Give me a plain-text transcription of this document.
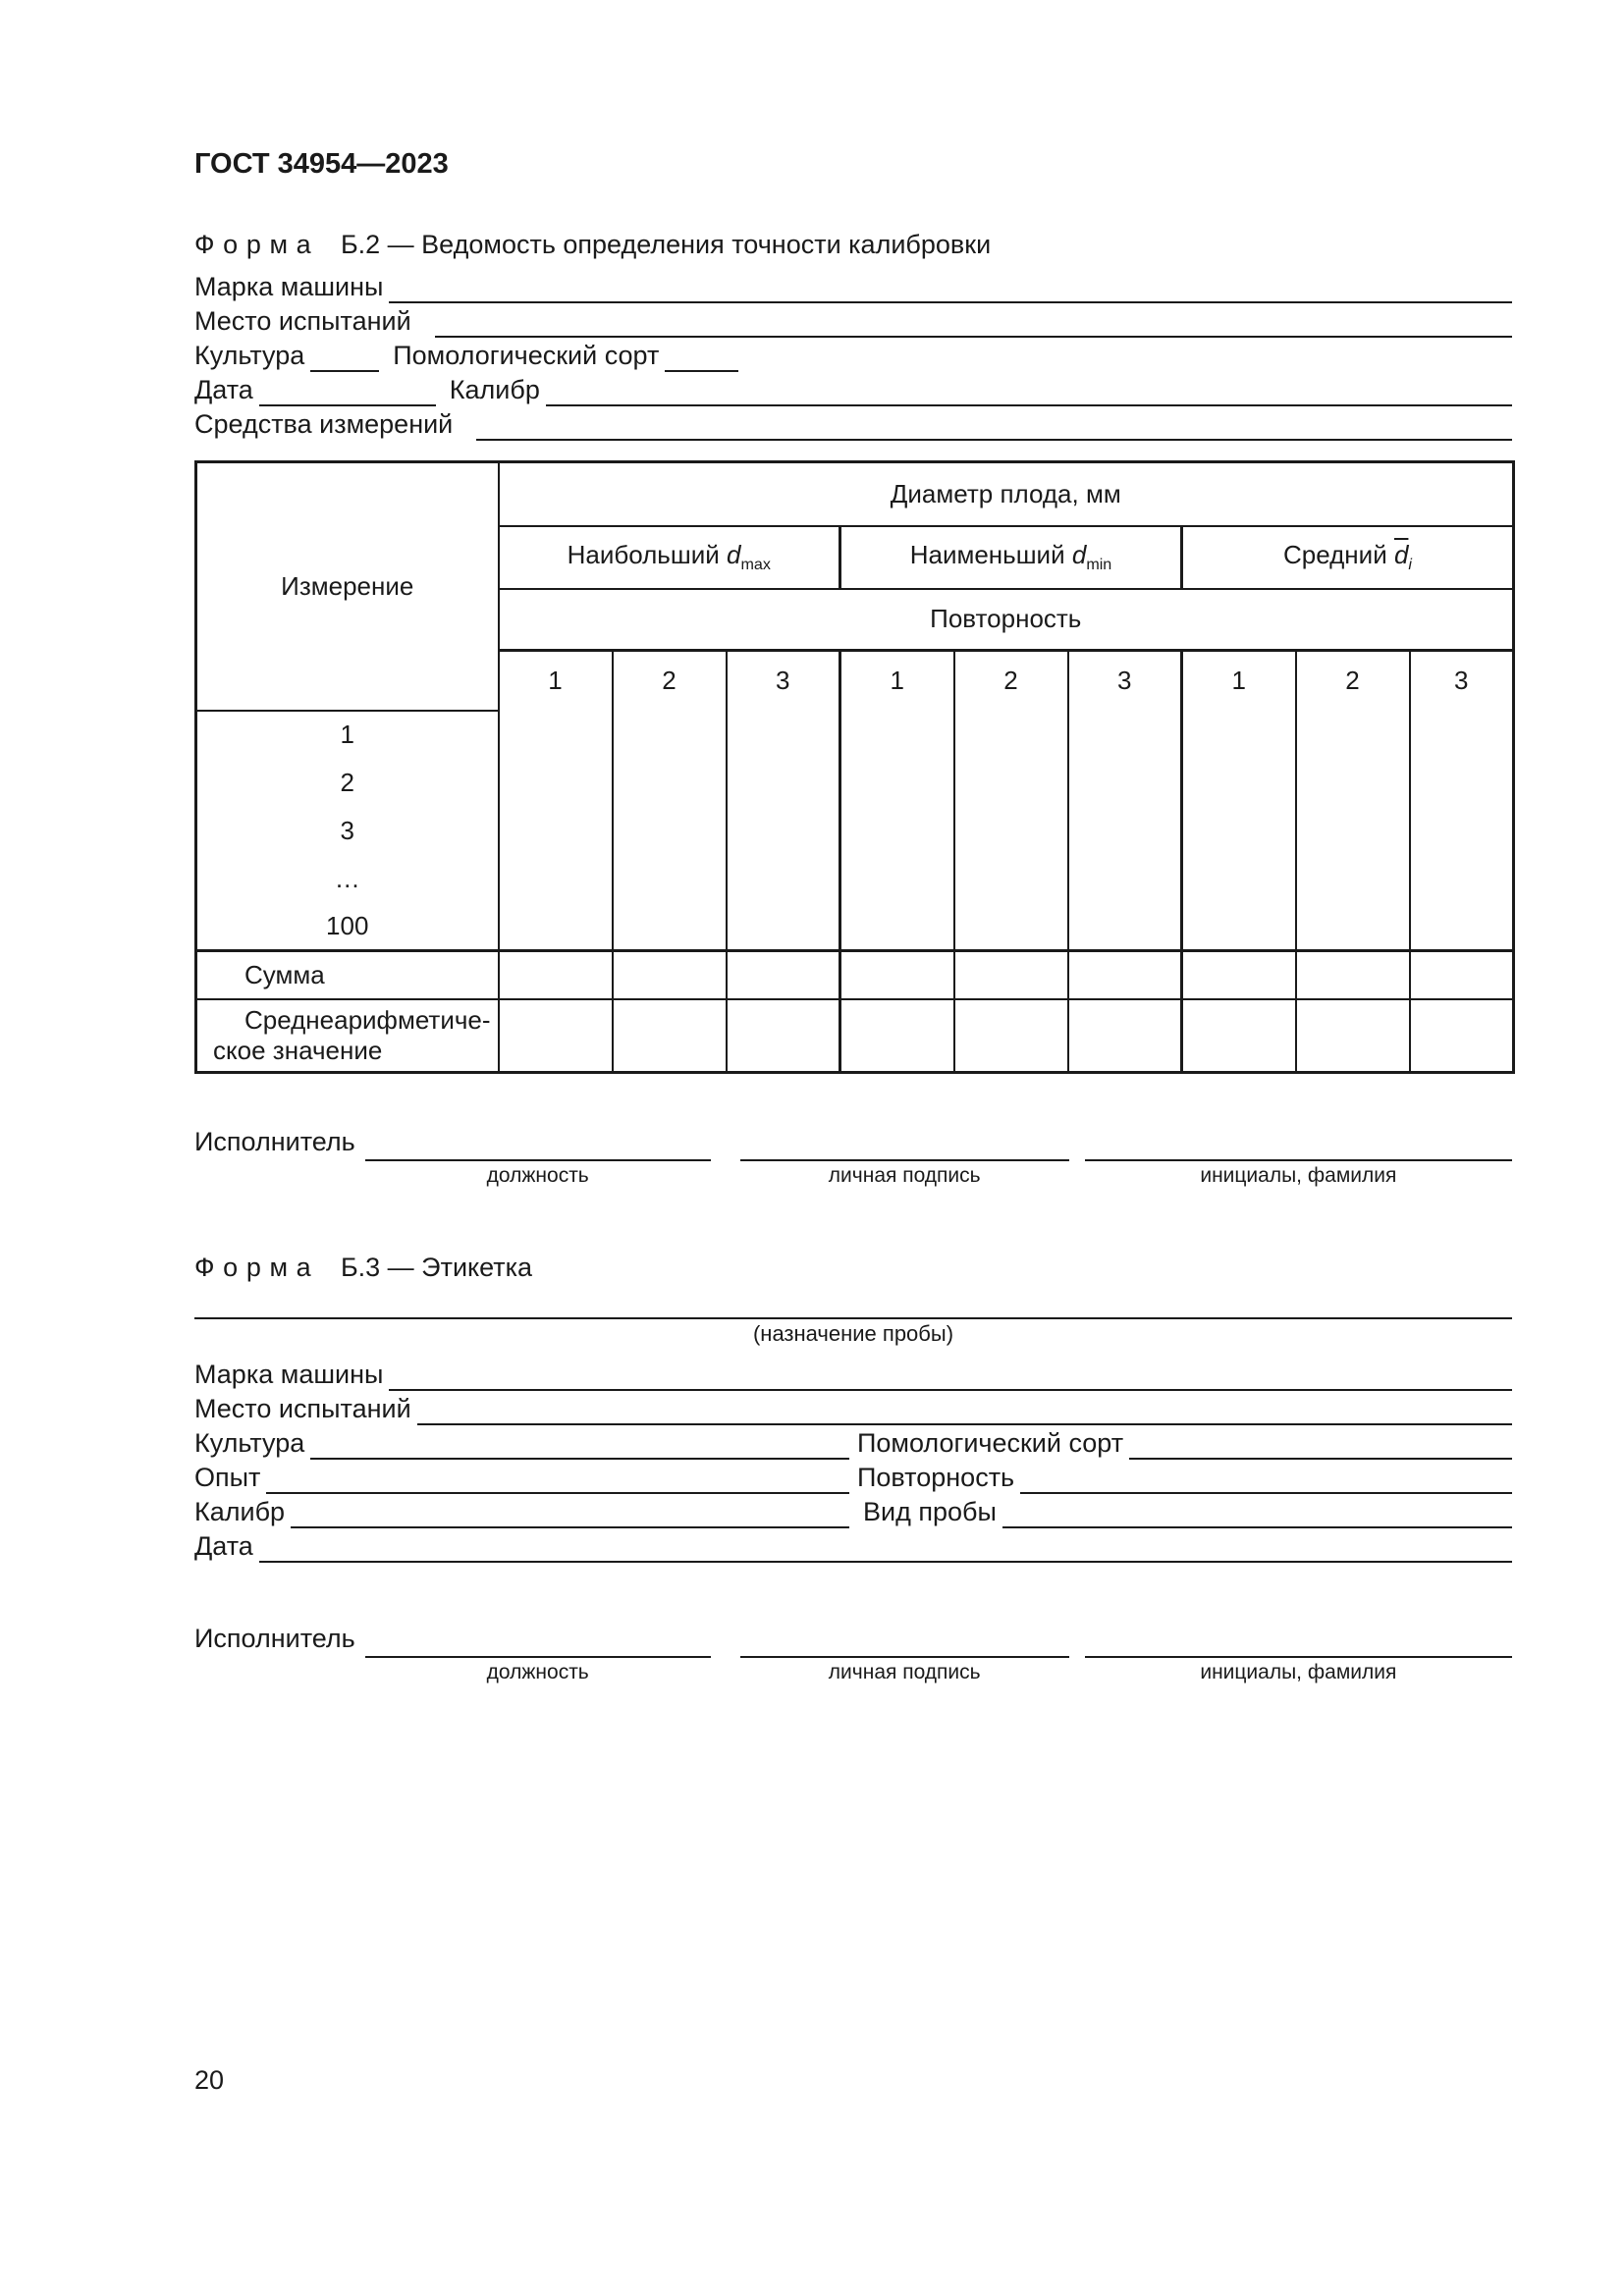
ГОСТ 34954—2023
Форма Б.2 — Ведомость определения точности калибровки
Марка машины
Место испытаний
Культура	Помологический сорт
Дата	Калибр
Средства измерений
Измерение	Диаметр плода, мм								
	Наибольший $d_{max}$			Наименьший $d_{min}$			Средний $\overline{d}_i$
	Повторность								
	1	2	3	1	2	3	1	2	3
1									
2									
3									
…									
100									

Сумма									

Среднеарифметиче-
ское значение									

Исполнитель
должность	личная подпись	инициалы, фамилия
Форма Б.3 — Этикетка
(назначение пробы)
Марка машины
Место испытаний
Культура	Помологический сорт
Опыт	Повторность
Калибр	Вид пробы
Дата
Исполнитель
должность	личная подпись	инициалы, фамилия
20
